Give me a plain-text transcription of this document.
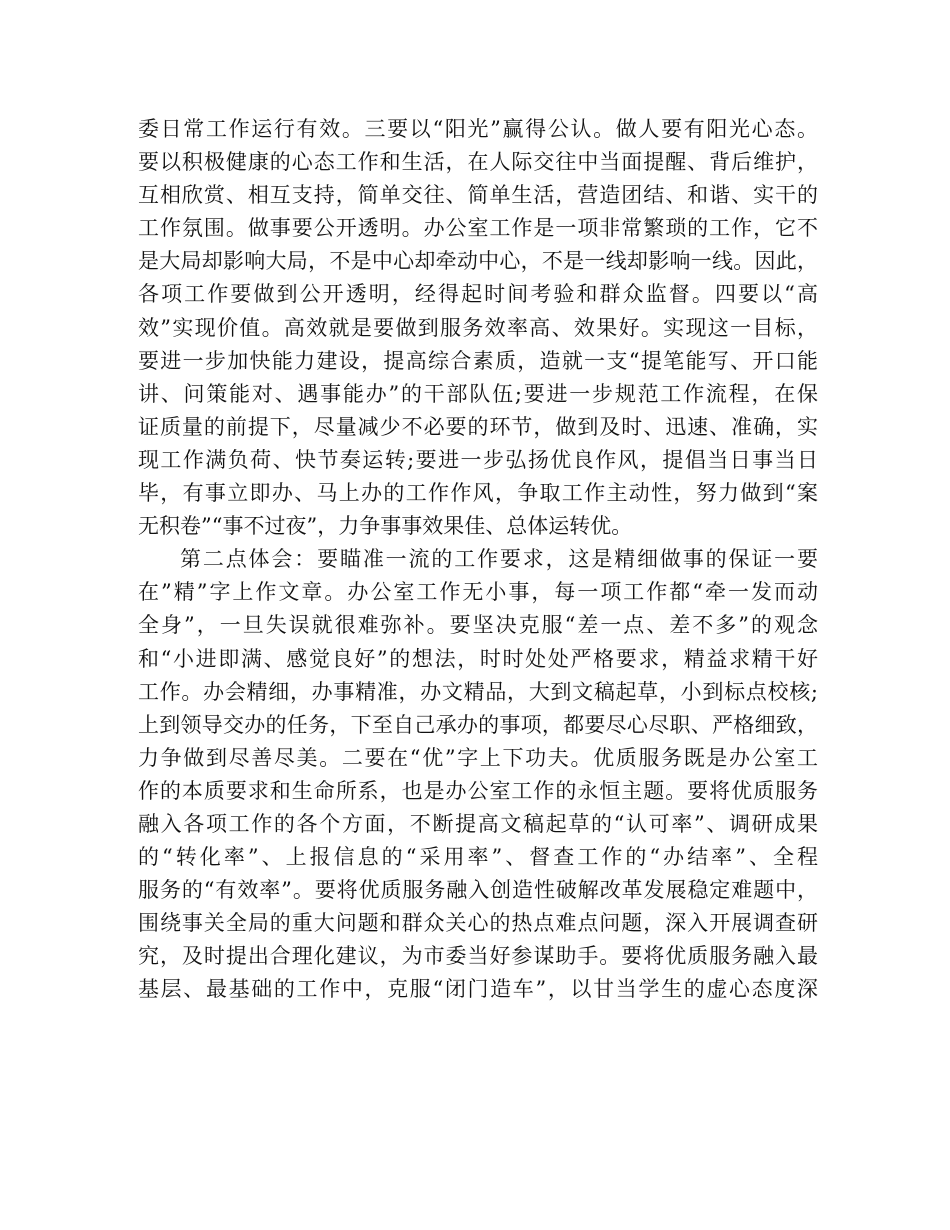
委日常工作运行有效。三要以“阳光”赢得公认。做人要有阳光心态。
要以积极健康的心态工作和生活，在人际交往中当面提醒、背后维护，
互相欣赏、相互支持，简单交往、简单生活，营造团结、和谐、实干的
工作氛围。做事要公开透明。办公室工作是一项非常繁琐的工作，它不
是大局却影响大局，不是中心却牵动中心，不是一线却影响一线。因此，
各项工作要做到公开透明，经得起时间考验和群众监督。四要以“高
效”实现价值。高效就是要做到服务效率高、效果好。实现这一目标，
要进一步加快能力建设，提高综合素质，造就一支“提笔能写、开口能
讲、问策能对、遇事能办”的干部队伍;要进一步规范工作流程，在保
证质量的前提下，尽量减少不必要的环节，做到及时、迅速、准确，实
现工作满负荷、快节奏运转;要进一步弘扬优良作风，提倡当日事当日
毕，有事立即办、马上办的工作作风，争取工作主动性，努力做到“案
无积卷”“事不过夜”，力争事事效果佳、总体运转优。
第二点体会：要瞄准一流的工作要求，这是精细做事的保证一要
在”精”字上作文章。办公室工作无小事，每一项工作都“牵一发而动
全身”，一旦失误就很难弥补。要坚决克服“差一点、差不多”的观念
和“小进即满、感觉良好”的想法，时时处处严格要求，精益求精干好
工作。办会精细，办事精准，办文精品，大到文稿起草，小到标点校核;
上到领导交办的任务，下至自己承办的事项，都要尽心尽职、严格细致，
力争做到尽善尽美。二要在“优”字上下功夫。优质服务既是办公室工
作的本质要求和生命所系，也是办公室工作的永恒主题。要将优质服务
融入各项工作的各个方面，不断提高文稿起草的“认可率”、调研成果
的“转化率”、上报信息的“采用率”、督查工作的“办结率”、全程
服务的“有效率”。要将优质服务融入创造性破解改革发展稳定难题中，
围绕事关全局的重大问题和群众关心的热点难点问题，深入开展调查研
究，及时提出合理化建议，为市委当好参谋助手。要将优质服务融入最
基层、最基础的工作中，克服“闭门造车”，以甘当学生的虚心态度深
